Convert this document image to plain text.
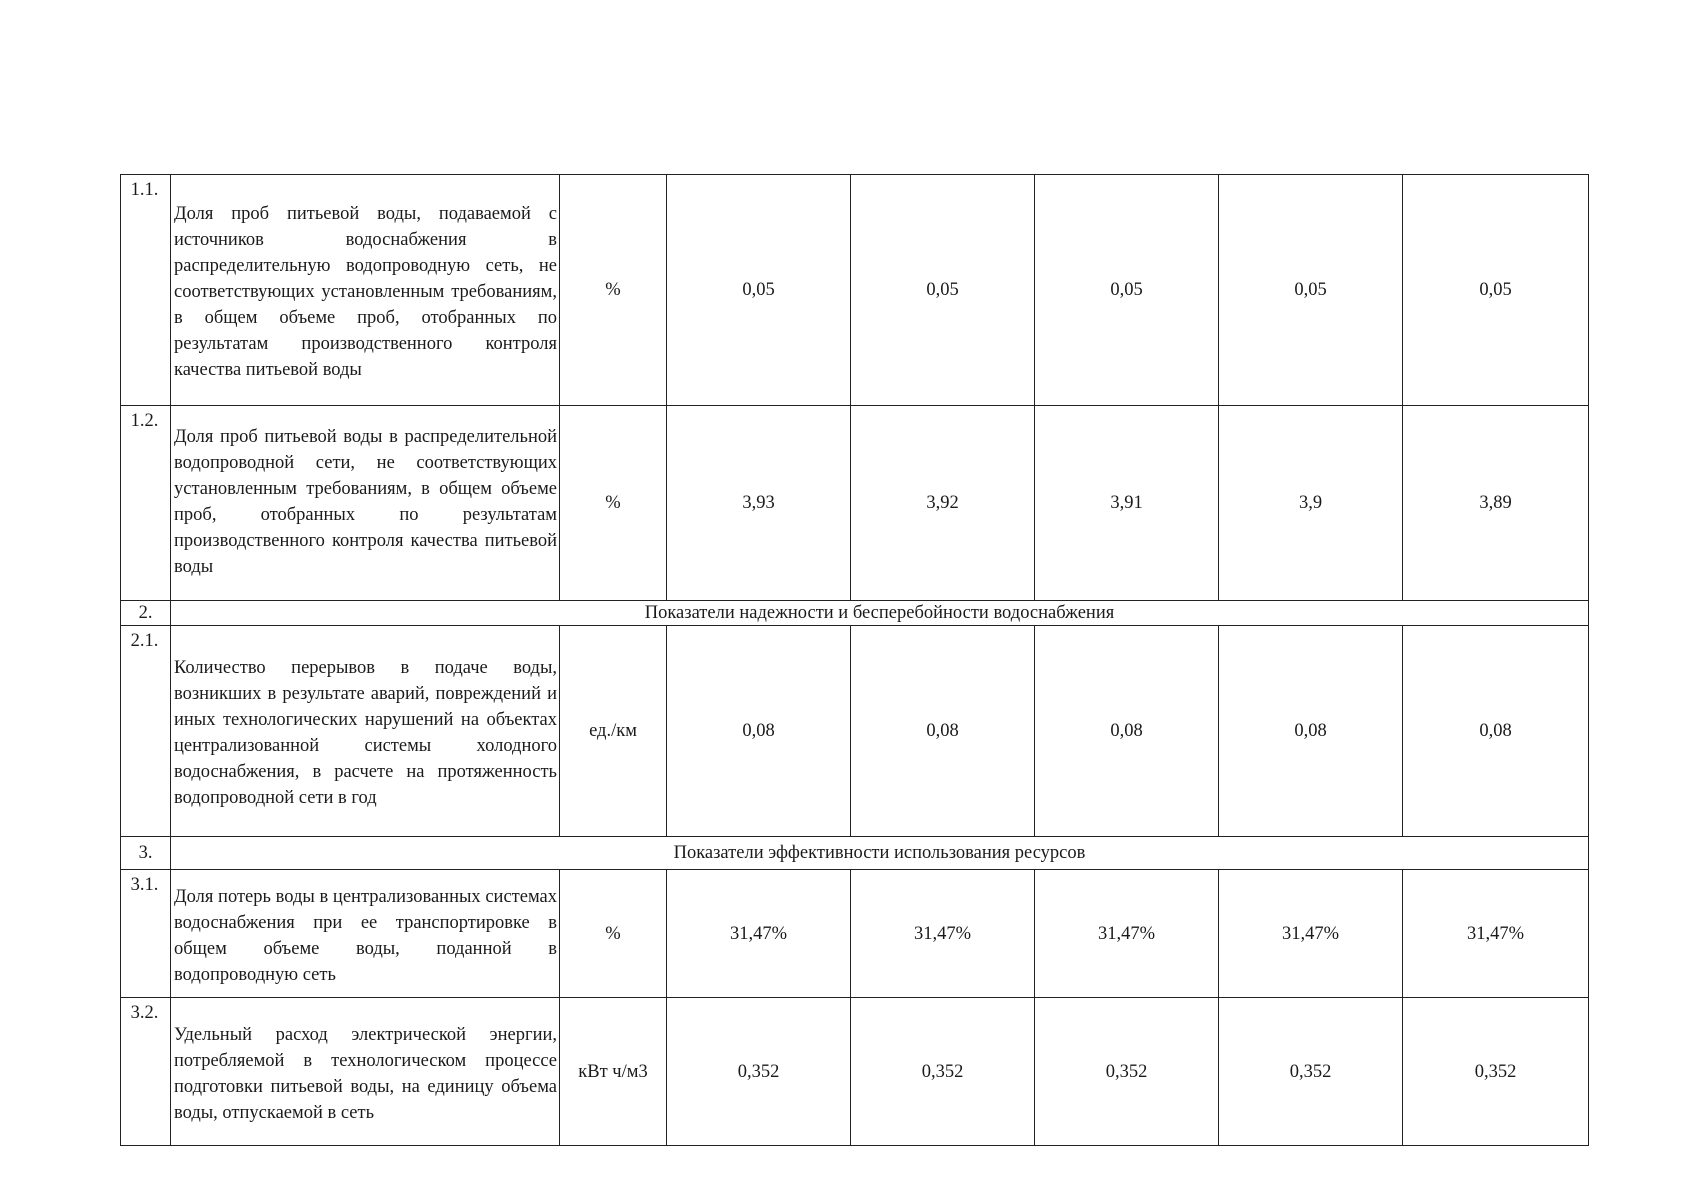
1.1.	Доля проб питьевой воды, подаваемой с источников водоснабжения в распределительную водопроводную сеть, не соответствующих установленным требованиям, в общем объеме проб, отобранных по результатам производственного контроля качества питьевой воды	%	0,05	0,05	0,05	0,05	0,05
1.2.	Доля проб питьевой воды в распределительной водопроводной сети, не соответствующих установленным требованиям, в общем объеме проб, отобранных по результатам производственного контроля качества питьевой воды	%	3,93	3,92	3,91	3,9	3,89
2.	Показатели надежности и бесперебойности водоснабжения						
2.1.	Количество перерывов в подаче воды, возникших в результате аварий, повреждений и иных технологических нарушений на объектах централизованной системы холодного водоснабжения, в расчете на протяженность водопроводной сети в год	ед./км	0,08	0,08	0,08	0,08	0,08
3.	Показатели эффективности использования ресурсов						
3.1.	Доля потерь воды в централизованных системах водоснабжения при ее транспортировке в общем объеме воды, поданной в водопроводную сеть	%	31,47%	31,47%	31,47%	31,47%	31,47%
3.2.	Удельный расход электрической энергии, потребляемой в технологическом процессе подготовки питьевой воды, на единицу объема воды, отпускаемой в сеть	кВт ч/м3	0,352	0,352	0,352	0,352	0,352
